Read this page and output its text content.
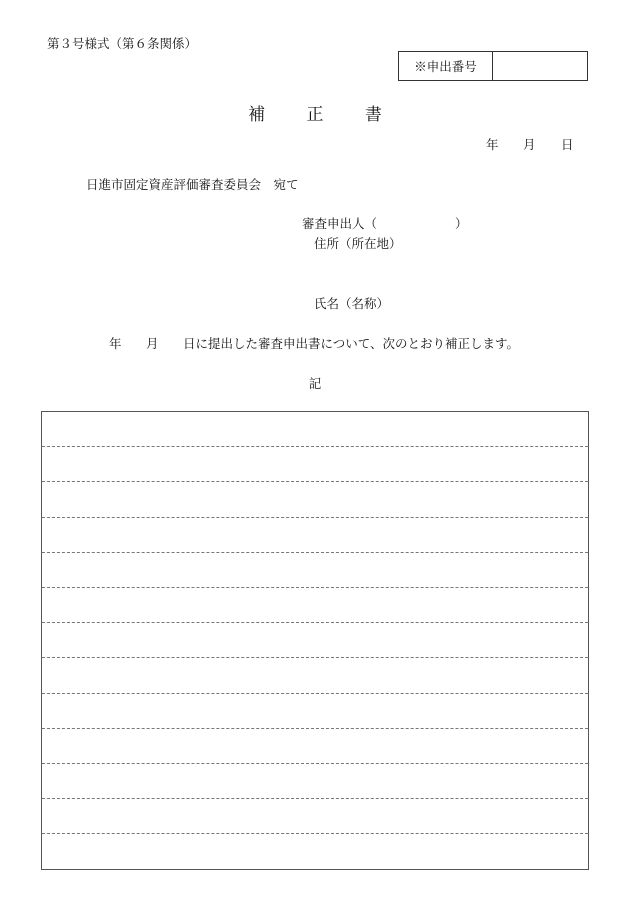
第３号様式（第６条関係）
※申出番号
補 正 書
年 月 日
日進市固定資産評価審査委員会　宛て
審査申出人（	）
住所（所在地）
氏名（名称）
年 月 日に提出した審査申出書について、次のとおり補正します。
記
